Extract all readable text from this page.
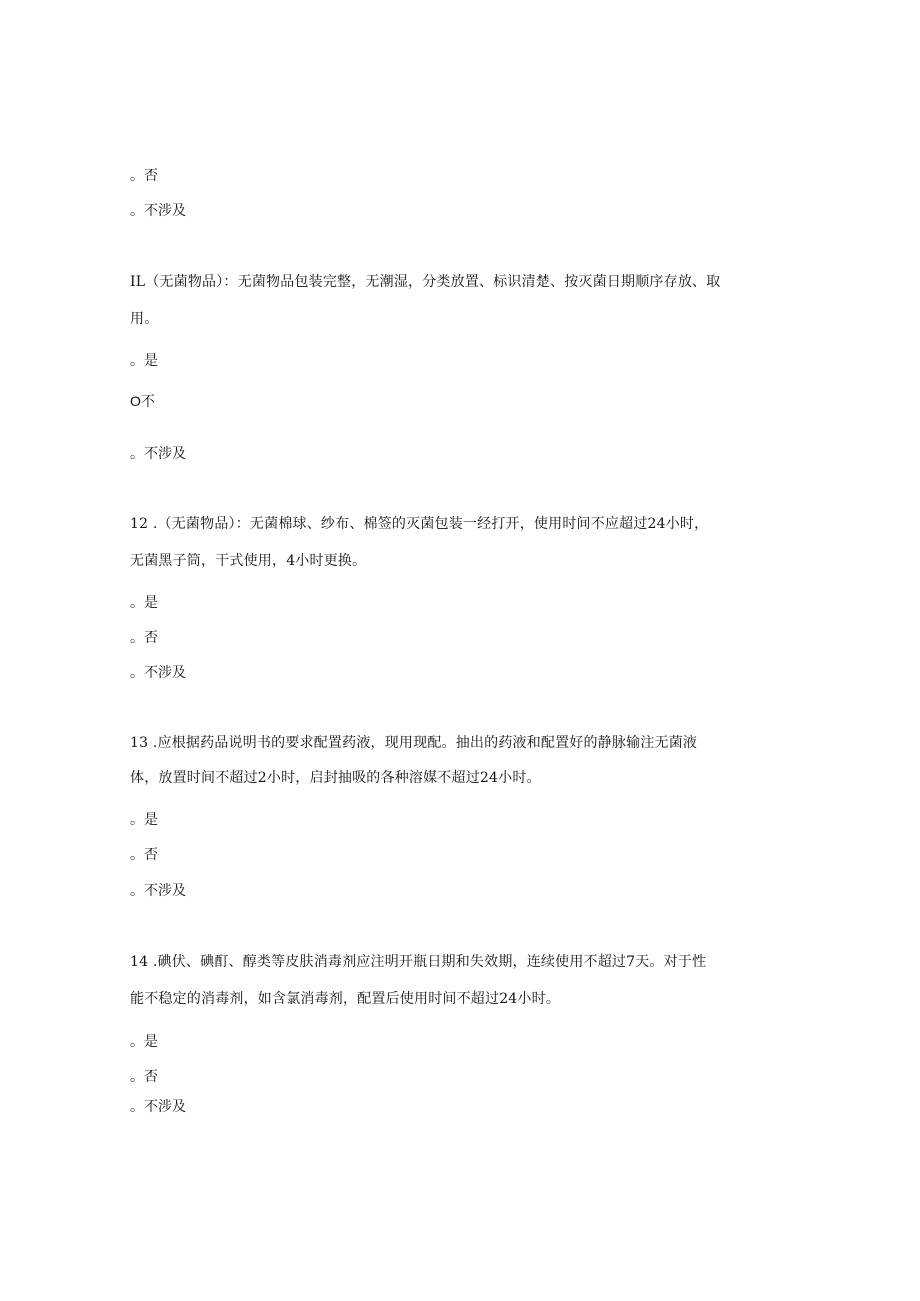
。否
。不涉及
IL（无菌物品）：无菌物品包装完整，无潮湿，分类放置、标识清楚、按灭菌日期顺序存放、取
用。
。是
O不
。不涉及
12 .（无菌物品）：无菌棉球、纱布、棉签的灭菌包装一经打开，使用时间不应超过24小时，
无菌黑子筒，干式使用，4小时更换。
。是
。否
。不涉及
13 .应根据药品说明书的要求配置药液，现用现配。抽出的药液和配置好的静脉输注无菌液
体，放置时间不超过2小时，启封抽吸的各种溶媒不超过24小时。
。是
。否
。不涉及
14 .碘伏、碘酊、醇类等皮肤消毒剂应注明开瓶日期和失效期，连续使用不超过7天。对于性
能不稳定的消毒剂，如含氯消毒剂，配置后使用时间不超过24小时。
。是
。否
。不涉及
